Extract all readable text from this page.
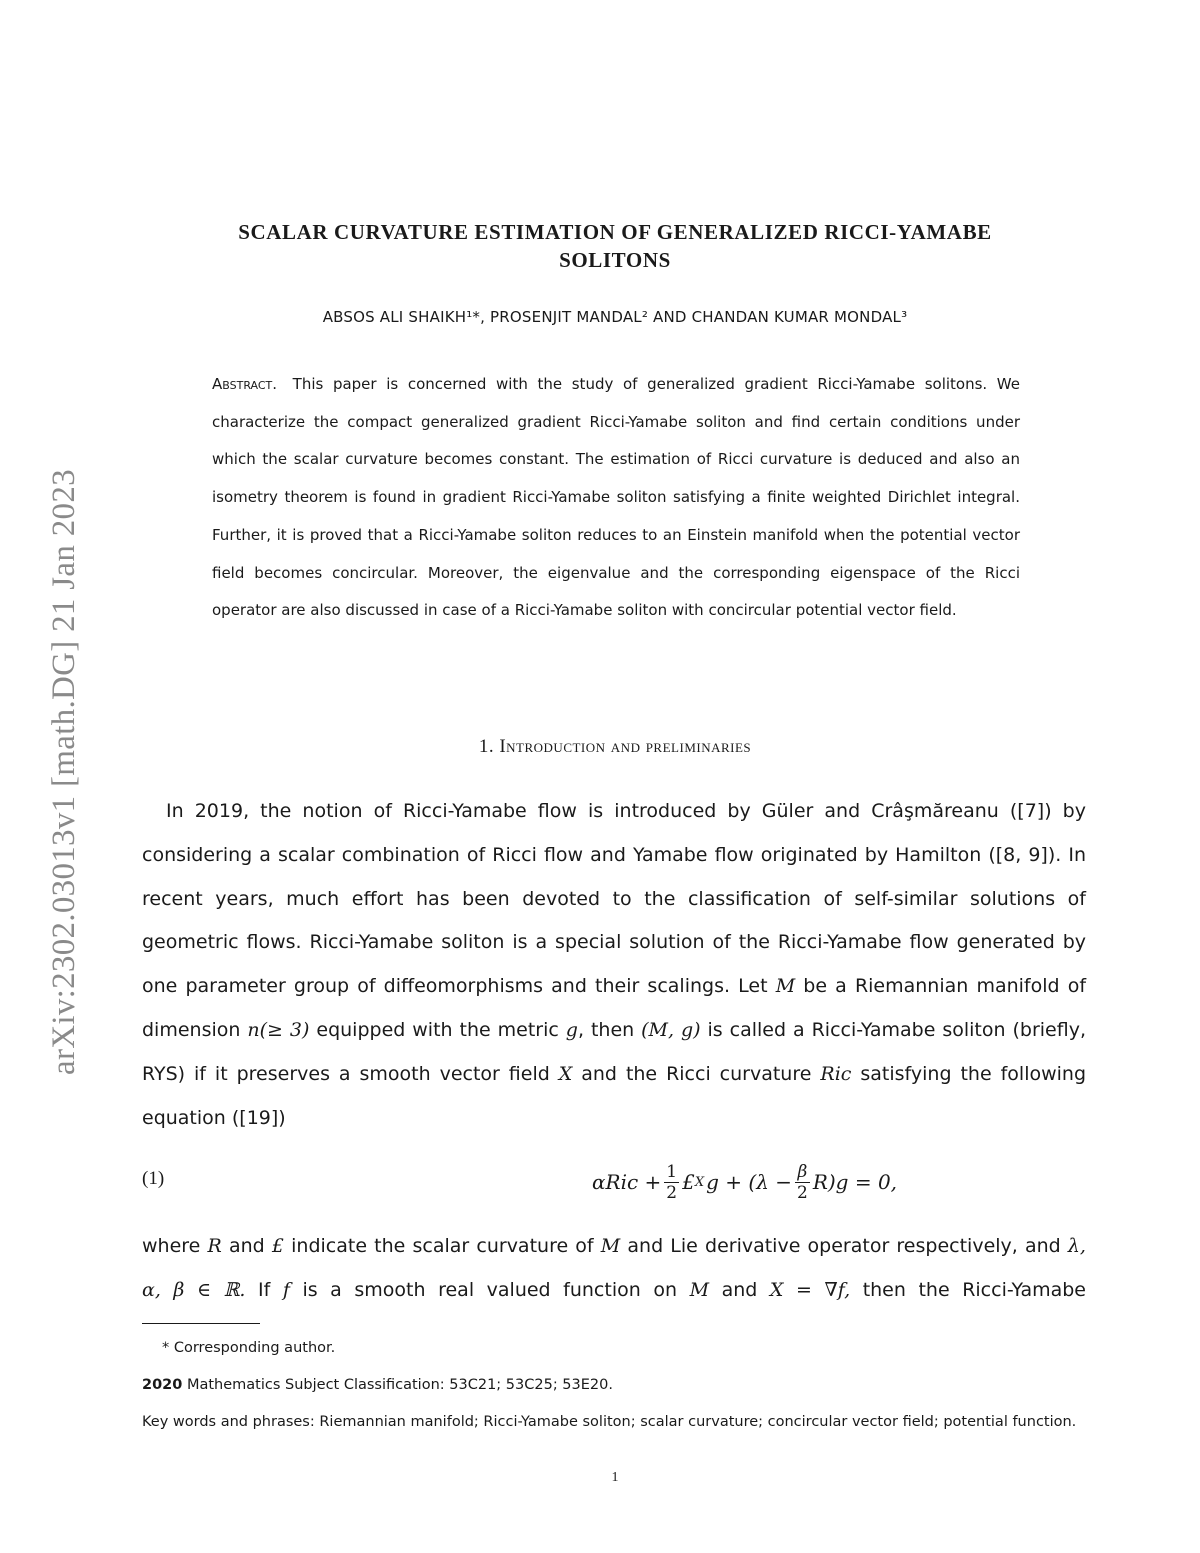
arXiv:2302.03013v1 [math.DG] 21 Jan 2023
SCALAR CURVATURE ESTIMATION OF GENERALIZED RICCI-YAMABE
SOLITONS
ABSOS ALI SHAIKH¹*, PROSENJIT MANDAL² AND CHANDAN KUMAR MONDAL³

Abstract. This paper is concerned with the study of generalized gradient Ricci-Yamabe solitons. We characterize the compact generalized gradient Ricci-Yamabe soliton and find certain conditions under which the scalar curvature becomes constant. The estimation of Ricci curvature is deduced and also an isometry theorem is found in gradient Ricci-Yamabe soliton satisfying a finite weighted Dirichlet integral. Further, it is proved that a Ricci-Yamabe soliton reduces to an Einstein manifold when the potential vector field becomes concircular. Moreover, the eigenvalue and the corresponding eigenspace of the Ricci operator are also discussed in case of a Ricci-Yamabe soliton with concircular potential vector field.

1. Introduction and preliminaries

In 2019, the notion of Ricci-Yamabe flow is introduced by Güler and Crâşmăreanu ([7]) by considering a scalar combination of Ricci flow and Yamabe flow originated by Hamilton ([8, 9]). In recent years, much effort has been devoted to the classification of self-similar solutions of geometric flows. Ricci-Yamabe soliton is a special solution of the Ricci-Yamabe flow generated by one parameter group of diffeomorphisms and their scalings. Let M be a Riemannian manifold of dimension n(≥ 3) equipped with the metric g, then (M, g) is called a Ricci-Yamabe soliton (briefly, RYS) if it preserves a smooth vector field X and the Ricci curvature Ric satisfying the following equation ([19])

(1)	$\alpha Ric + \frac{1}{2}$ £ X $g + (\lambda - \frac{\beta}{2} R)g = 0$,

where R and £ indicate the scalar curvature of M and Lie derivative operator respectively, and λ, α, β ∈ ℝ. If f is a smooth real valued function on M and X = ∇f, then the Ricci-Yamabe

* Corresponding author.
2020 Mathematics Subject Classification: 53C21; 53C25; 53E20.
Key words and phrases: Riemannian manifold; Ricci-Yamabe soliton; scalar curvature; concircular vector field; potential function.
1
